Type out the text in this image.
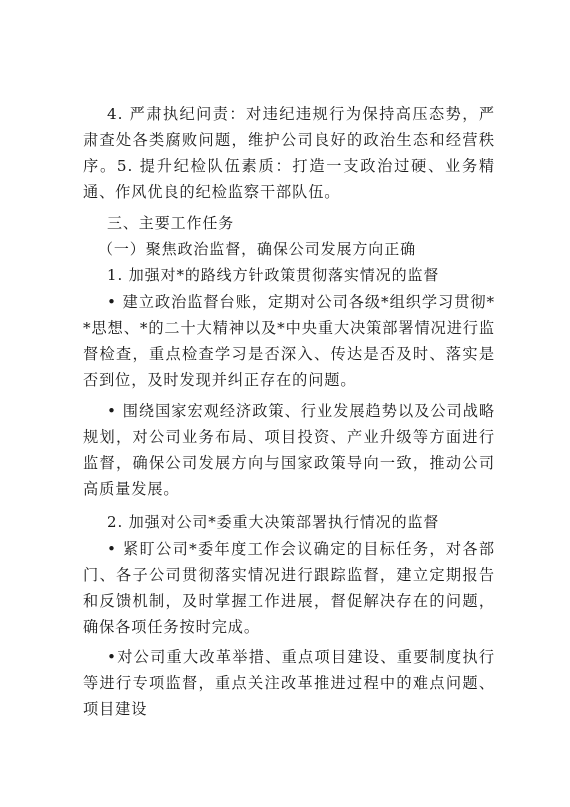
4. 严肃执纪问责：对违纪违规行为保持高压态势，严肃查处各类腐败问题，维护公司良好的政治生态和经营秩序。5. 提升纪检队伍素质：打造一支政治过硬、业务精通、作风优良的纪检监察干部队伍。

三、主要工作任务

（一）聚焦政治监督，确保公司发展方向正确

1. 加强对*的路线方针政策贯彻落实情况的监督

• 建立政治监督台账，定期对公司各级*组织学习贯彻**思想、*的二十大精神以及*中央重大决策部署情况进行监督检查，重点检查学习是否深入、传达是否及时、落实是否到位，及时发现并纠正存在的问题。

• 围绕国家宏观经济政策、行业发展趋势以及公司战略规划，对公司业务布局、项目投资、产业升级等方面进行监督，确保公司发展方向与国家政策导向一致，推动公司高质量发展。

2. 加强对公司*委重大决策部署执行情况的监督

• 紧盯公司*委年度工作会议确定的目标任务，对各部门、各子公司贯彻落实情况进行跟踪监督，建立定期报告和反馈机制，及时掌握工作进展，督促解决存在的问题，确保各项任务按时完成。

•对公司重大改革举措、重点项目建设、重要制度执行等进行专项监督，重点关注改革推进过程中的难点问题、项目建设
